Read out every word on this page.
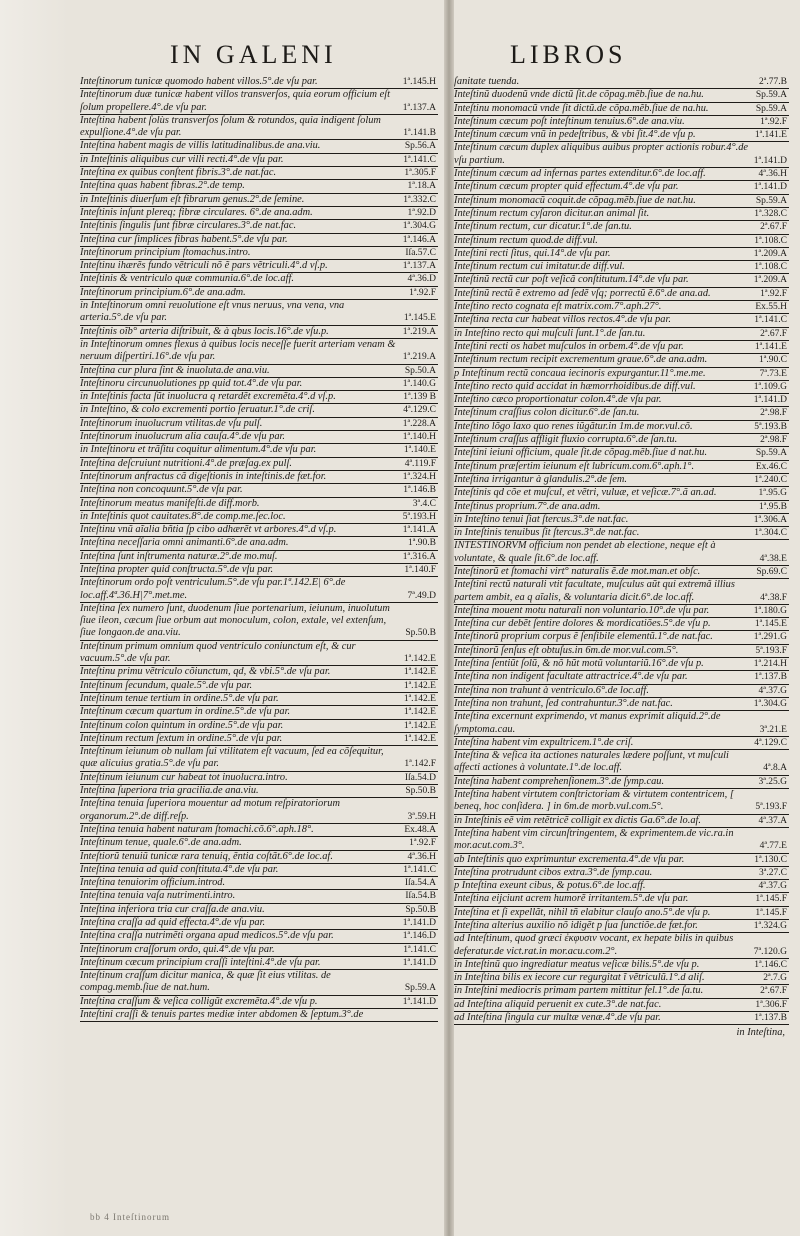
IN GALENI	LIBROS
Inteſtinorum tunicæ quomodo habent villos.5°.de vſu par.	1ª.145.H
Inteſtinorum duæ tunicæ habent villos transverſos, quia eorum officium eſt ſolum propellere.4°.de vſu par.	1ª.137.A
Inteſtina habent ſolùs transverſos ſolum & rotundos, quia indigent ſolum expulſione.4°.de vſu par.	1ª.141.B
Inteſtina habent magis de villis latitudinalibus.de ana.viu.	Sp.56.A
in Inteſtinis aliquibus cur villi recti.4°.de vſu par.	1ª.141.C
Inteſtina ex quibus conſtent fibris.3°.de nat.fac.	1ª.305.F
Inteſtina quas habent fibras.2°.de temp.	1ª.18.A
in Inteſtinis diuerſum eſt fibrarum genus.2°.de ſemine.	1ª.332.C
Inteſtinis inſunt plereq; fibræ circulares. 6°.de ana.adm.	1ª.92.D
Inteſtinis ſingulis ſunt fibræ circulares.3°.de nat.fac.	1ª.304.G
Inteſtina cur ſimplices fibras habent.5°.de vſu par.	1ª.146.A
Inteſtinorum principium ſtomachus.intro.	Iſa.57.C
Inteſtinu ihærẽs fundo vẽtriculi nõ ẽ pars vẽtriculi.4°.d vſ.p.	1ª.137.A
Inteſtinis & ventriculo quæ communia.6°.de loc.aff.	4ª.36.D
Inteſtinorum principium.6°.de ana.adm.	1ª.92.F
in Inteſtinorum omni reuolutione eſt vnus neruus, vna vena, vna arteria.5°.de vſu par.	1ª.145.E
Inteſtinis oĩb° arteria diſtribuit, & à qbus locis.16°.de vſu.p.	1ª.219.A
in Inteſtinorum omnes flexus à quibus locis neceſſe fuerit arteriam venam & neruum diſpertiri.16°.de vſu par.	1ª.219.A
Inteſtina cur plura ſint & inuoluta.de ana.viu.	Sp.50.A
Inteſtinoru circunuolutiones pp quid tot.4°.de vſu par.	1ª.140.G
in Inteſtinis facta ſũt inuolucra q retardẽt excremẽta.4°.d vſ.p.	1ª.139 B
in Inteſtino, & colo excrementi portio ſeruatur.1°.de criſ.	4ª.129.C
Inteſtinorum inuolucrum vtilitas.de vſu pulſ.	1ª.228.A
Inteſtinorum inuolucrum alia cauſa.4°.de vſu par.	1ª.140.H
in Inteſtinoru et trãſitu coquitur alimentum.4°.de vſu par.	1ª.140.E
Inteſtina deſcruiunt nutritioni.4°.de præſag.ex pulſ.	4ª.119.F
Inteſtinorum anfractus cã digeſtionis in inteſtinis.de fæt.for.	1ª.324.H
Inteſtina non concoquunt.5°.de vſu par.	1ª.146.B
Inteſtinorum meatus manifeſti.de diff.morb.	3ª.4.C
in Inteſtinis quot cauitates.8°.de comp.me.ſec.loc.	5ª.193.H
Inteſtinu vnũ aĩalia bñtia ſp cibo adhærẽt vt arbores.4°.d vſ.p.	1ª.141.A
Inteſtina neceſſaria omni animanti.6°.de ana.adm.	1ª.90.B
Inteſtina ſunt inſtrumenta naturæ.2°.de mo.muſ.	1ª.316.A
Inteſtina propter quid conſtructa.5°.de vſu par.	1ª.140.F
Inteſtinorum ordo poſt ventriculum.5°.de vſu par.1ª.142.E| 6°.de loc.aff.4ª.36.H|7°.met.me.	7ª.49.D
Inteſtina ſex numero ſunt, duodenum ſiue portenarium, ieiunum, inuolutum ſiue ileon, cæcum ſiue orbum aut monoculum, colon, extale, vel extenſum, ſiue longaon.de ana.viu.	Sp.50.B
Inteſtinum primum omnium quod ventriculo coniunctum eſt, & cur vacuum.5°.de vſu par.	1ª.142.E
Inteſtinu primu vẽtriculo cõiunctum, qd, & vbi.5°.de vſu par.	1ª.142.E
Inteſtinum ſecundum, quale.5°.de vſu par.	1ª.142.E
Inteſtinum tenue tertium in ordine.5°.de vſu par.	1ª.142.E
Inteſtinum cæcum quartum in ordine.5°.de vſu par.	1ª.142.E
Inteſtinum colon quintum in ordine.5°.de vſu par.	1ª.142.E
Inteſtinum rectum ſextum in ordine.5°.de vſu par.	1ª.142.E
Inteſtinum ieiunum ob nullam ſui vtilitatem eſt vacuum, ſed ea cõſequitur, quæ alicuius gratia.5°.de vſu par.	1ª.142.F
Inteſtinum ieiunum cur habeat tot inuolucra.intro.	Iſa.54.D
Inteſtina ſuperiora tria gracilia.de ana.viu.	Sp.50.B
Inteſtina tenuia ſuperiora mouentur ad motum reſpiratoriorum organorum.2°.de diff.reſp.	3ª.59.H
Inteſtina tenuia habent naturam ſtomachi.cõ.6°.aph.18°.	Ex.48.A
Inteſtinum tenue, quale.6°.de ana.adm.	1ª.92.F
Inteſtiorũ tenuiũ tunicæ rara tenuiq, ẽntia coſtãt.6°.de loc.af.	4ª.36.H
Inteſtina tenuia ad quid conſtituta.4°.de vſu par.	1ª.141.C
Inteſtina tenuiorim officium.introd.	Iſa.54.A
Inteſtina tenuia vaſa nutrimenti.intro.	Iſa.54.B
Inteſtina inferiora tria cur craſſa.de ana.viu.	Sp.50.B
Inteſtina craſſa ad quid effecta.4°.de vſu par.	1ª.141.D
Inteſtina craſſa nutrimẽti organa apud medicos.5°.de vſu par.	1ª.146.D
Inteſtinorum craſſorum ordo, qui.4°.de vſu par.	1ª.141.C
Inteſtinum cæcum principium craſſi inteſtini.4°.de vſu par.	1ª.141.D
Inteſtinum craſſum dicitur manica, & quæ ſit eius vtilitas. de compag.memb.ſiue de nat.hum.	Sp.59.A
Inteſtina craſſum & veſica colligũt excremẽta.4°.de vſu p.	1ª.141.D
Inteſtini craſſi & tenuis partes mediæ inter abdomen & ſeptum.3°.de
ſanitate tuenda.	2ª.77.B
Inteſtinũ duodenũ vnde dictũ ſit.de cõpag.mẽb.ſiue de na.hu.	Sp.59.A
Inteſtinu monomacũ vnde ſit dictũ.de cõpa.mẽb.ſiue de na.hu.	Sp.59.A
Inteſtinum cæcum poſt inteſtinum tenuius.6°.de ana.viu.	1ª.92.F
Inteſtinum cæcum vnũ in pedeſtribus, & vbi ſit.4°.de vſu p.	1ª.141.E
Inteſtinum cæcum duplex aliquibus auibus propter actionis robur.4°.de vſu partium.	1ª.141.D
Inteſtinum cæcum ad infernas partes extenditur.6°.de loc.aff.	4ª.36.H
Inteſtinum cæcum propter quid effectum.4°.de vſu par.	1ª.141.D
Inteſtinum monomacũ coquit.de cõpag.mẽb.ſiue de nat.hu.	Sp.59.A
Inteſtinum rectum cyſaron dicitur.an animal ſit.	1ª.328.C
Inteſtinum rectum, cur dicatur.1°.de ſan.tu.	2ª.67.F
Inteſtinum rectum quod.de diff.vul.	1ª.108.C
Inteſtini recti ſitus, qui.14°.de vſu par.	1ª.209.A
Inteſtinum rectum cui imitatur.de diff.vul.	1ª.108.C
Inteſtinũ rectũ cur poſt veſicã conſtitutum.14°.de vſu par.	1ª.209.A
Inteſtinũ rectũ ẽ extremo ad ſedẽ vſq; porrectũ ẽ.6°.de ana.ad.	1ª.92.F
Inteſtino recto cognata eſt matrix.com.7°.aph.27°.	Ex.55.H
Inteſtina recta cur habeat villos rectos.4°.de vſu par.	1ª.141.C
in Inteſtino recto qui muſculi ſunt.1°.de ſan.tu.	2ª.67.F
Inteſtini recti os habet muſculos in orbem.4°.de vſu par.	1ª.141.E
Inteſtinum rectum recipit excrementum graue.6°.de ana.adm.	1ª.90.C
p Inteſtinum rectũ concaua iecinoris expurgantur.11°.me.me.	7ª.73.E
Inteſtino recto quid accidat in hæmorrhoidibus.de diff.vul.	1ª.109.G
Inteſtino cæco proportionatur colon.4°.de vſu par.	1ª.141.D
Inteſtinum craſſius colon dicitur.6°.de ſan.tu.	2ª.98.F
Inteſtino lõgo laxo quo renes iũgãtur.in 1m.de mor.vul.cõ.	5ª.193.B
Inteſtinum craſſus affligit fluxio corrupta.6°.de ſan.tu.	2ª.98.F
Inteſtini ieiuni officium, quale ſit.de cõpag.mẽb.ſiue d nat.hu.	Sp.59.A
Inteſtinum præſertim ieiunum eſt lubricum.com.6°.aph.1°.	Ex.46.C
Inteſtina irrigantur à glandulis.2°.de ſem.	1ª.240.C
Inteſtinis qd cõe et muſcul, et vẽtri, vuluæ, et veſicæ.7°.ã an.ad.	1ª.95.G
Inteſtinus proprium.7°.de ana.adm.	1ª.95.B
in Inteſtino tenui ſiat ſtercus.3°.de nat.fac.	1ª.306.A
in Inteſtinis tenuibus ſit ſtercus.3°.de nat.fac.	1ª.304.C
INTESTINORVM officium non pendet ab electione, neque eſt à voluntate, & quale ſit.6°.de loc.aff.	4ª.38.E
Inteſtinorũ et ſtomachi virt° naturalis ẽ.de mot.man.et obſc.	Sp.69.C
Inteſtini rectũ naturali vtit facultate, muſculus aũt qui extremã illius partem ambit, ea q aĩalis, & voluntaria dicit.6°.de loc.aff.	4ª.38.F
Inteſtina mouent motu naturali non voluntario.10°.de vſu par.	1ª.180.G
Inteſtina cur debẽt ſentire dolores & mordicatiões.5°.de vſu p.	1ª.145.E
Inteſtinorũ proprium corpus ẽ ſenſibile elementũ.1°.de nat.fac.	1ª.291.G
Inteſtinorũ ſenſus eſt obtuſus.in 6m.de mor.vul.com.5°.	5ª.193.F
Inteſtina ſentiũt ſolũ, & nõ hũt motũ voluntariũ.16°.de vſu p.	1ª.214.H
Inteſtina non indigent facultate attractrice.4°.de vſu par.	1ª.137.B
Inteſtina non trahunt à ventriculo.6°.de loc.aff.	4ª.37.G
Inteſtina non trahunt, ſed contrahuntur.3°.de nat.fac.	1ª.304.G
Inteſtina excernunt exprimendo, vt manus exprimit aliquid.2°.de ſymptoma.cau.	3ª.21.E
Inteſtina habent vim expultricem.1°.de criſ.	4ª.129.C
Inteſtina & veſica ita actiones naturales lædere poſſunt, vt muſculi affecti actiones à voluntate.1°.de loc.aff.	4ª.8.A
Inteſtina habent comprehenſionem.3°.de ſymp.cau.	3ª.25.G
Inteſtina habent virtutem conſtrictoriam & virtutem contentricem, [ beneq, hoc conſidera. ] in 6m.de morb.vul.com.5°.	5ª.193.F
in Inteſtinis eẽ vim retẽtricẽ colligit ex dictis Ga.6°.de lo.af.	4ª.37.A
Inteſtina habent vim circunſtringentem, & exprimentem.de vic.ra.in mor.acut.com.3°.	4ª.77.E
ab Inteſtinis quo exprimuntur excrementa.4°.de vſu par.	1ª.130.C
Inteſtina protrudunt cibos extra.3°.de ſymp.cau.	3ª.27.C
p Inteſtina exeunt cibus, & potus.6°.de loc.aff.	4ª.37.G
Inteſtina eijciunt acrem humorẽ irritantem.5°.de vſu par.	1ª.145.F
Inteſtina et ſi expellãt, nihil tñ elabitur clauſo ano.5°.de vſu p.	1ª.145.F
Inteſtina alterius auxilio nõ idigẽt p ſua ſunctiõe.de fæt.for.	1ª.324.G
ad Inteſtinum, quod græci ἐκφυσιν vocant, ex hepate bilis in quibus deferatur.de vict.rat.in mor.acu.com.2°.	7ª.120.G
in Inteſtinũ quo ingrediatur meatus veſicæ bilis.5°.de vſu p.	1ª.146.C
in Inteſtina bilis ex iecore cur regurgitat ĩ vẽtriculũ.1°.d aliſ.	2ª.7.G
in Inteſtini mediocris primam partem mittitur fel.1°.de ſa.tu.	2ª.67.F
ad Inteſtina aliquid peruenit ex cute.3°.de nat.fac.	1ª.306.F
ad Inteſtina ſingula cur multæ venæ.4°.de vſu par.	1ª.137.B
in Inteſtina,
bb 4 Inteſtinorum
